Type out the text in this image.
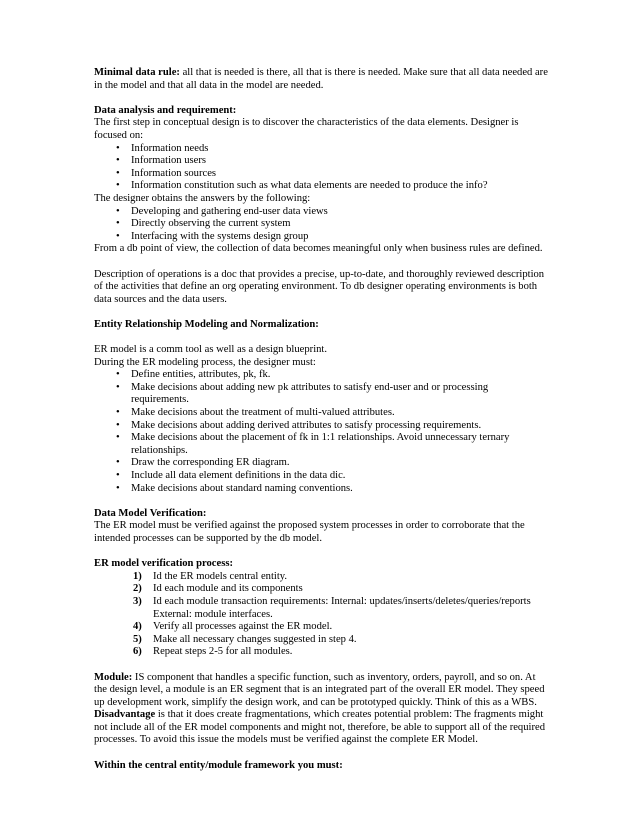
Minimal data rule: all that is needed is there, all that is there is needed. Make sure that all data needed are in the model and that all data in the model are needed.

Data analysis and requirement:

The first step in conceptual design is to discover the characteristics of the data elements. Designer is focused on:

• Information needs
• Information users
• Information sources
• Information constitution such as what data elements are needed to produce the info?

The designer obtains the answers by the following:

• Developing and gathering end-user data views
• Directly observing the current system
• Interfacing with the systems design group

From a db point of view, the collection of data becomes meaningful only when business rules are defined.

Description of operations is a doc that provides a precise, up-to-date, and thoroughly reviewed description of the activities that define an org operating environment. To db designer operating environments is both data sources and the data users.

Entity Relationship Modeling and Normalization:

ER model is a comm tool as well as a design blueprint.

During the ER modeling process, the designer must:

• Define entities, attributes, pk, fk.
• Make decisions about adding new pk attributes to satisfy end-user and or processing requirements.
• Make decisions about the treatment of multi-valued attributes.
• Make decisions about adding derived attributes to satisfy processing requirements.
• Make decisions about the placement of fk in 1:1 relationships. Avoid unnecessary ternary relationships.
• Draw the corresponding ER diagram.
• Include all data element definitions in the data dic.
• Make decisions about standard naming conventions.

Data Model Verification:

The ER model must be verified against the proposed system processes in order to corroborate that the intended processes can be supported by the db model.

ER model verification process:

1) Id the ER models central entity.
2) Id each module and its components
3) Id each module transaction requirements: Internal: updates/inserts/deletes/queries/reports External: module interfaces.
4) Verify all processes against the ER model.
5) Make all necessary changes suggested in step 4.
6) Repeat steps 2-5 for all modules.

Module: IS component that handles a specific function, such as inventory, orders, payroll, and so on. At the design level, a module is an ER segment that is an integrated part of the overall ER model. They speed up development work, simplify the design work, and can be prototyped quickly. Think of this as a WBS.
Disadvantage is that it does create fragmentations, which creates potential problem: The fragments might not include all of the ER model components and might not, therefore, be able to support all of the required processes. To avoid this issue the models must be verified against the complete ER Model.

Within the central entity/module framework you must:
